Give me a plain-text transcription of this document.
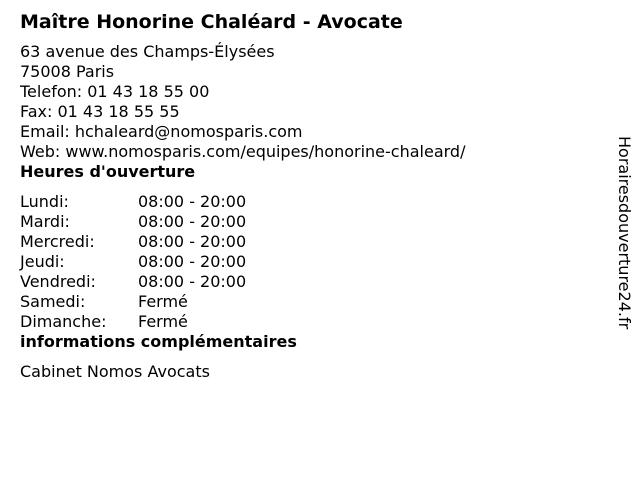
Maître Honorine Chaléard - Avocate
63 avenue des Champs-Élysées
75008 Paris
Telefon: 01 43 18 55 00
Fax: 01 43 18 55 55
Email: hchaleard@nomosparis.com
Web: www.nomosparis.com/equipes/honorine-chaleard/
Heures d'ouverture
Lundi:	08:00 - 20:00
Mardi:	08:00 - 20:00
Mercredi:	08:00 - 20:00
Jeudi:	08:00 - 20:00
Vendredi:	08:00 - 20:00
Samedi:	Fermé
Dimanche: Fermé
informations complémentaires
Cabinet Nomos Avocats
Horairesdouverture24.fr
